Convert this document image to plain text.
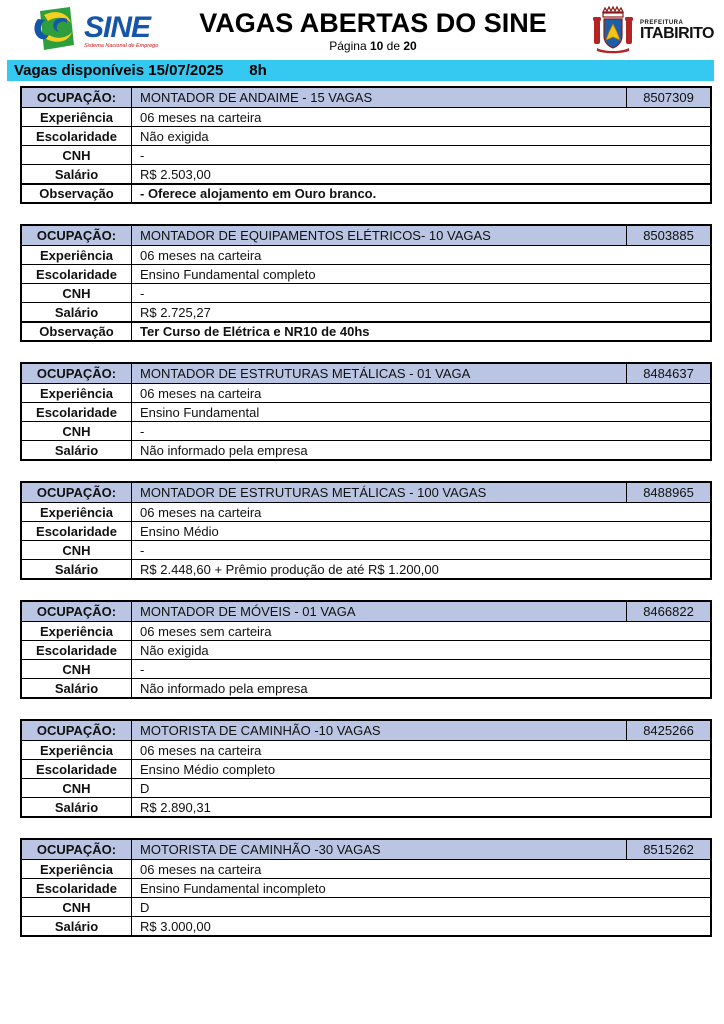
SINE
Sistema Nacional de Emprego
VAGAS ABERTAS DO SINE
Página 10 de 20
PREFEITURA
ITABIRITO
Vagas disponíveis 15/07/2025 8h
OCUPAÇÃO:	MONTADOR DE ANDAIME - 15 VAGAS	8507309
Experiência	06 meses na carteira
Escolaridade	Não exigida
CNH	-
Salário	R$ 2.503,00
Observação	- Oferece alojamento em Ouro branco.
OCUPAÇÃO:	MONTADOR DE EQUIPAMENTOS ELÉTRICOS- 10 VAGAS	8503885
Experiência	06 meses na carteira
Escolaridade	Ensino Fundamental completo
CNH	-
Salário	R$ 2.725,27
Observação	Ter Curso de Elétrica e NR10 de 40hs
OCUPAÇÃO:	MONTADOR DE ESTRUTURAS METÁLICAS - 01 VAGA	8484637
Experiência	06 meses na carteira
Escolaridade	Ensino Fundamental
CNH	-
Salário	Não informado pela empresa
OCUPAÇÃO:	MONTADOR DE ESTRUTURAS METÁLICAS - 100 VAGAS	8488965
Experiência	06 meses na carteira
Escolaridade	Ensino Médio
CNH	-
Salário	R$ 2.448,60 + Prêmio produção de até R$ 1.200,00
OCUPAÇÃO:	MONTADOR DE MÓVEIS - 01 VAGA	8466822
Experiência	06 meses sem carteira
Escolaridade	Não exigida
CNH	-
Salário	Não informado pela empresa
OCUPAÇÃO:	MOTORISTA DE CAMINHÃO -10 VAGAS	8425266
Experiência	06 meses na carteira
Escolaridade	Ensino Médio completo
CNH	D
Salário	R$ 2.890,31
OCUPAÇÃO:	MOTORISTA DE CAMINHÃO -30 VAGAS	8515262
Experiência	06 meses na carteira
Escolaridade	Ensino Fundamental incompleto
CNH	D
Salário	R$ 3.000,00
